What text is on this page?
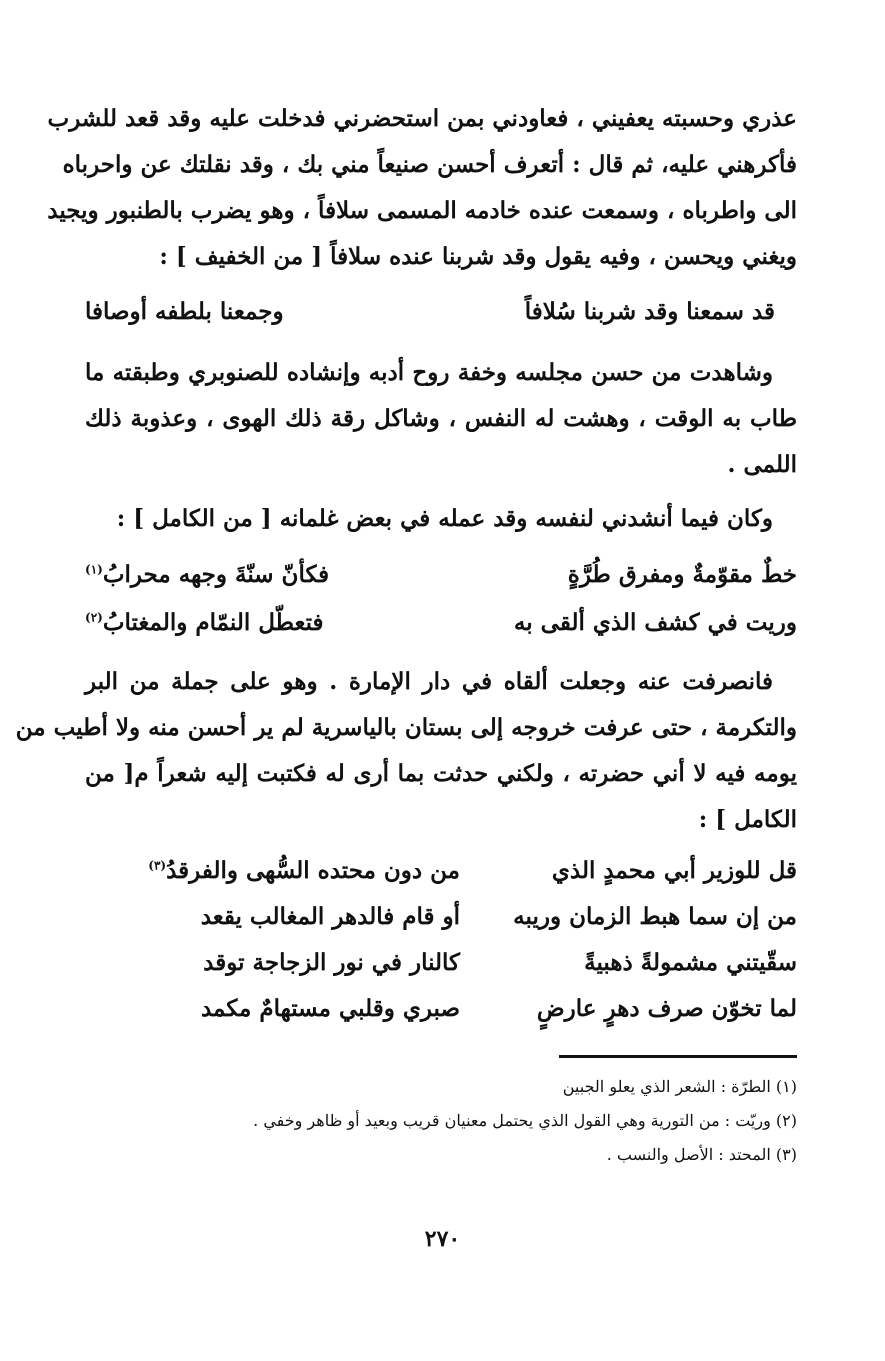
عذري وحسبته يعفيني ، فعاودني بمن استحضرني فدخلت عليه وقد قعد للشرب
فأكرهني عليه، ثم قال : أتعرف أحسن صنيعاً مني بك ، وقد نقلتك عن واحرباه
الى واطرباه ، وسمعت عنده خادمه المسمى سلافاً ، وهو يضرب بالطنبور ويجيد
ويغني ويحسن ، وفيه يقول وقد شربنا عنده سلافاً [ من الخفيف ] :
قد سمعنا وقد شربنا سُلافاً
وجمعنا بلطفه أوصافا
وشاهدت من حسن مجلسه وخفة روح أدبه وإنشاده للصنوبري وطبقته ما
طاب به الوقت ، وهشت له النفس ، وشاكل رقة ذلك الهوى ، وعذوبة ذلك
اللمى .
وكان فيما أنشدني لنفسه وقد عمله في بعض غلمانه [ من الكامل ] :
خطٌ مقوّمةٌ ومفرق طُرَّةٍ
فكأنّ سنّةَ وجهه محرابُ$^{(١)}$
وريت في كشف الذي ألقى به
فتعطّل النمّام والمغتابُ$^{(٢)}$
فانصرفت عنه وجعلت ألقاه في دار الإمارة . وهو على جملة من البر
والتكرمة ، حتى عرفت خروجه إلى بستان بالياسرية لم ير أحسن منه ولا أطيب من
يومه فيه لا أني حضرته ، ولكني حدثت بما أرى له فكتبت إليه شعراً م[ من
الكامل ] :
قل للوزير أبي محمدٍ الذي
من دون محتده السُّهى والفرقدُ$^{(٣)}$
من إن سما هبط الزمان وريبه
أو قام فالدهر المغالب يقعد
سقّيتني مشمولةً ذهبيةً
كالنار في نور الزجاجة توقد
لما تخوّن صرف دهرٍ عارضٍ
صبري وقلبي مستهامٌ مكمد
(١) الطرّة : الشعر الذي يعلو الجبين
(٢) وريّت : من التورية وهي القول الذي يحتمل معنيان قريب وبعيد أو ظاهر وخفي .
(٣) المحتد : الأصل والنسب .
٢٧٠
